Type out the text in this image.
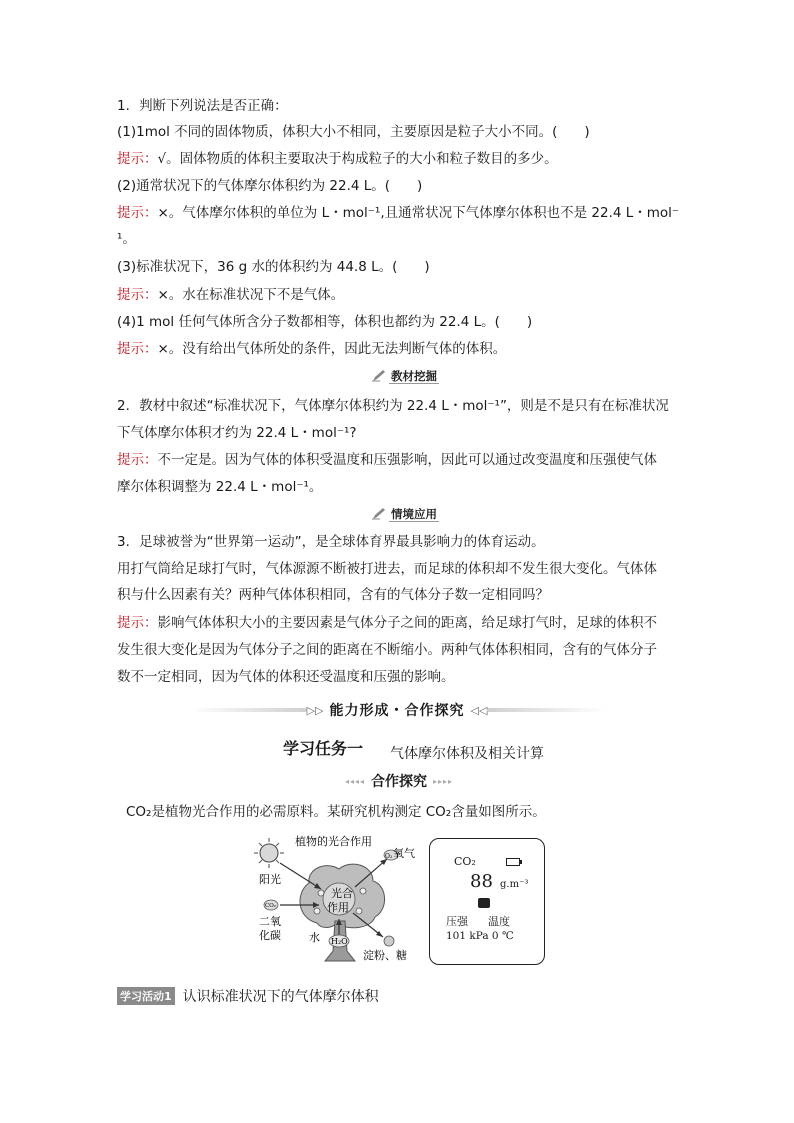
1．判断下列说法是否正确：
(1)1mol 不同的固体物质，体积大小不相同，主要原因是粒子大小不同。(　　)
提示：√。固体物质的体积主要取决于构成粒子的大小和粒子数目的多少。
(2)通常状况下的气体摩尔体积约为 22.4 L。(　　)
提示：×。气体摩尔体积的单位为 L・mol⁻¹,且通常状况下气体摩尔体积也不是 22.4 L・mol⁻
¹。
(3)标准状况下，36 g 水的体积约为 44.8 L。(　　)
提示：×。水在标准状况下不是气体。
(4)1 mol 任何气体所含分子数都相等，体积也都约为 22.4 L。(　　)
提示：×。没有给出气体所处的条件，因此无法判断气体的体积。
教材挖掘
2．教材中叙述“标准状况下，气体摩尔体积约为 22.4 L・mol⁻¹”，则是不是只有在标准状况
下气体摩尔体积才约为 22.4 L・mol⁻¹?
提示：不一定是。因为气体的体积受温度和压强影响，因此可以通过改变温度和压强使气体
摩尔体积调整为 22.4 L・mol⁻¹。
情境应用
3．足球被誉为“世界第一运动”，是全球体育界最具影响力的体育运动。
用打气筒给足球打气时，气体源源不断被打进去，而足球的体积却不发生很大变化。气体体
积与什么因素有关？两种气体体积相同，含有的气体分子数一定相同吗？
提示：影响气体体积大小的主要因素是气体分子之间的距离，给足球打气时，足球的体积不
发生很大变化是因为气体分子之间的距离在不断缩小。两种气体体积相同，含有的气体分子
数不一定相同，因为气体的体积还受温度和压强的影响。
▷▷ 能力形成・合作探究 ◁◁
学习任务一 气体摩尔体积及相关计算
◂◂◂◂ 合作探究 ▸▸▸▸
CO₂是植物光合作用的必需原料。某研究机构测定 CO₂含量如图所示。
植物的光合作用
阳光
光合
作用
O₂ 氧气
CO₂
二氧
化碳	水 H₂O
淀粉、糖
CO₂
88 g.m⁻³
压强 温度
101 kPa 0 ℃
学习活动1 认识标准状况下的气体摩尔体积
